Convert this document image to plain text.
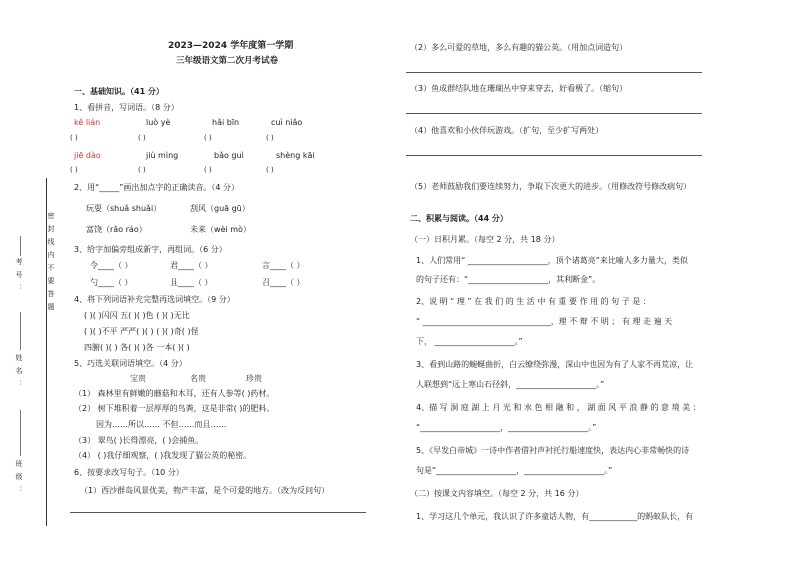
密封线内不要答题
考号：
姓名：
班级：
2023—2024 学年度第一学期
三年级语文第二次月考试卷
一、基础知识。（41 分）
1、看拼音，写词语。（8 分）
kě lián	luò yè	hǎi bīn	cuì niǎo
( )	( )	( )	( )
jiē dào	jiù mìng	bǎo guì	shèng kāi
( )	( )	( )	( )
2、用“_____”画出加点字的正确读音。（4 分）
玩耍（shuǎ shuǎi）	刮风（guā gū）
富饶（rǎo ráo）	未来（wèi mò）
3、给字加偏旁组成新字，再组词。（6 分）
令____（ ）	君____（ ）	言____（ ）
勺____（ ）	且____（ ）	召____（ ）
4、将下列词语补充完整再选词填空。（9 分）
( )( )闪闪 五( )( )色 ( )( )无比
( )( )不平 严严( )( ) ( )( )奇( )怪
四腑( )( ) 各( )( )各 一本( )( )
5、巧选关联词语填空。（4 分）
宝贵	名贵	珍贵
（1） 森林里有鲜嫩的蘑菇和木耳，还有人参等( )药材。
（2） 树下堆积着一层厚厚的鸟粪，这是非常( )的肥料。
因为……所以…… 不但……而且……
（3） 翠鸟( )长得漂亮，( )会捕鱼。
（4） ( )我仔细观察，( )我发现了猫公英的秘密。
6、按要求改写句子。（10 分）
（1）西沙群岛风景优美，物产丰富，是个可爱的地方。（改为反问句）
（2）多么可爱的草地，多么有趣的猫公英。（用加点词造句）
（3）鱼成群结队地在珊瑚丛中穿来穿去，好看极了。（缩句）
（4）他喜欢和小伙伴玩游戏。（扩句，至少扩写两处）
（5）老师鼓励我们要连续努力，争取下次更大的进步。（用修改符号修改病句）
二、积累与阅读。（44 分）
（一）日积月累。（每空 2 分，共 18 分）
1、人们常用“ ____________________，顶个诸葛亮”来比喻人多力量大，类似
的句子还有：“____________________，其利断金”。
2、说 明 “ 理 ” 在 我 们 的 生 活 中 有 重 要 作 用 的 句 子 是 ：
“ ________________________________，理 不 辩 不 明 ； 有 理 走 遍 天
下， ____________________。”
3、看到山路的蜿蜒曲折，白云缭绕弥漫，深山中也因为有了人家不再荒凉，让
人联想到“远上寒山石径斜，____________________。”
4、描 写 洞 庭 湖 上 月 光 和 水 色 相 融 和 ， 湖 面 风 平 浪 静 的 意 境 美 ：
“____________________，____________________。”
5、《早发白帝城》一诗中作者借衬声衬托行船速度快，表达内心非常畅快的诗
句是“____________________，____________________。”
（二）按课文内容填空。（每空 2 分，共 16 分）
1、学习这几个单元，我认识了许多童话人物，有____________的蚂蚁队长，有
